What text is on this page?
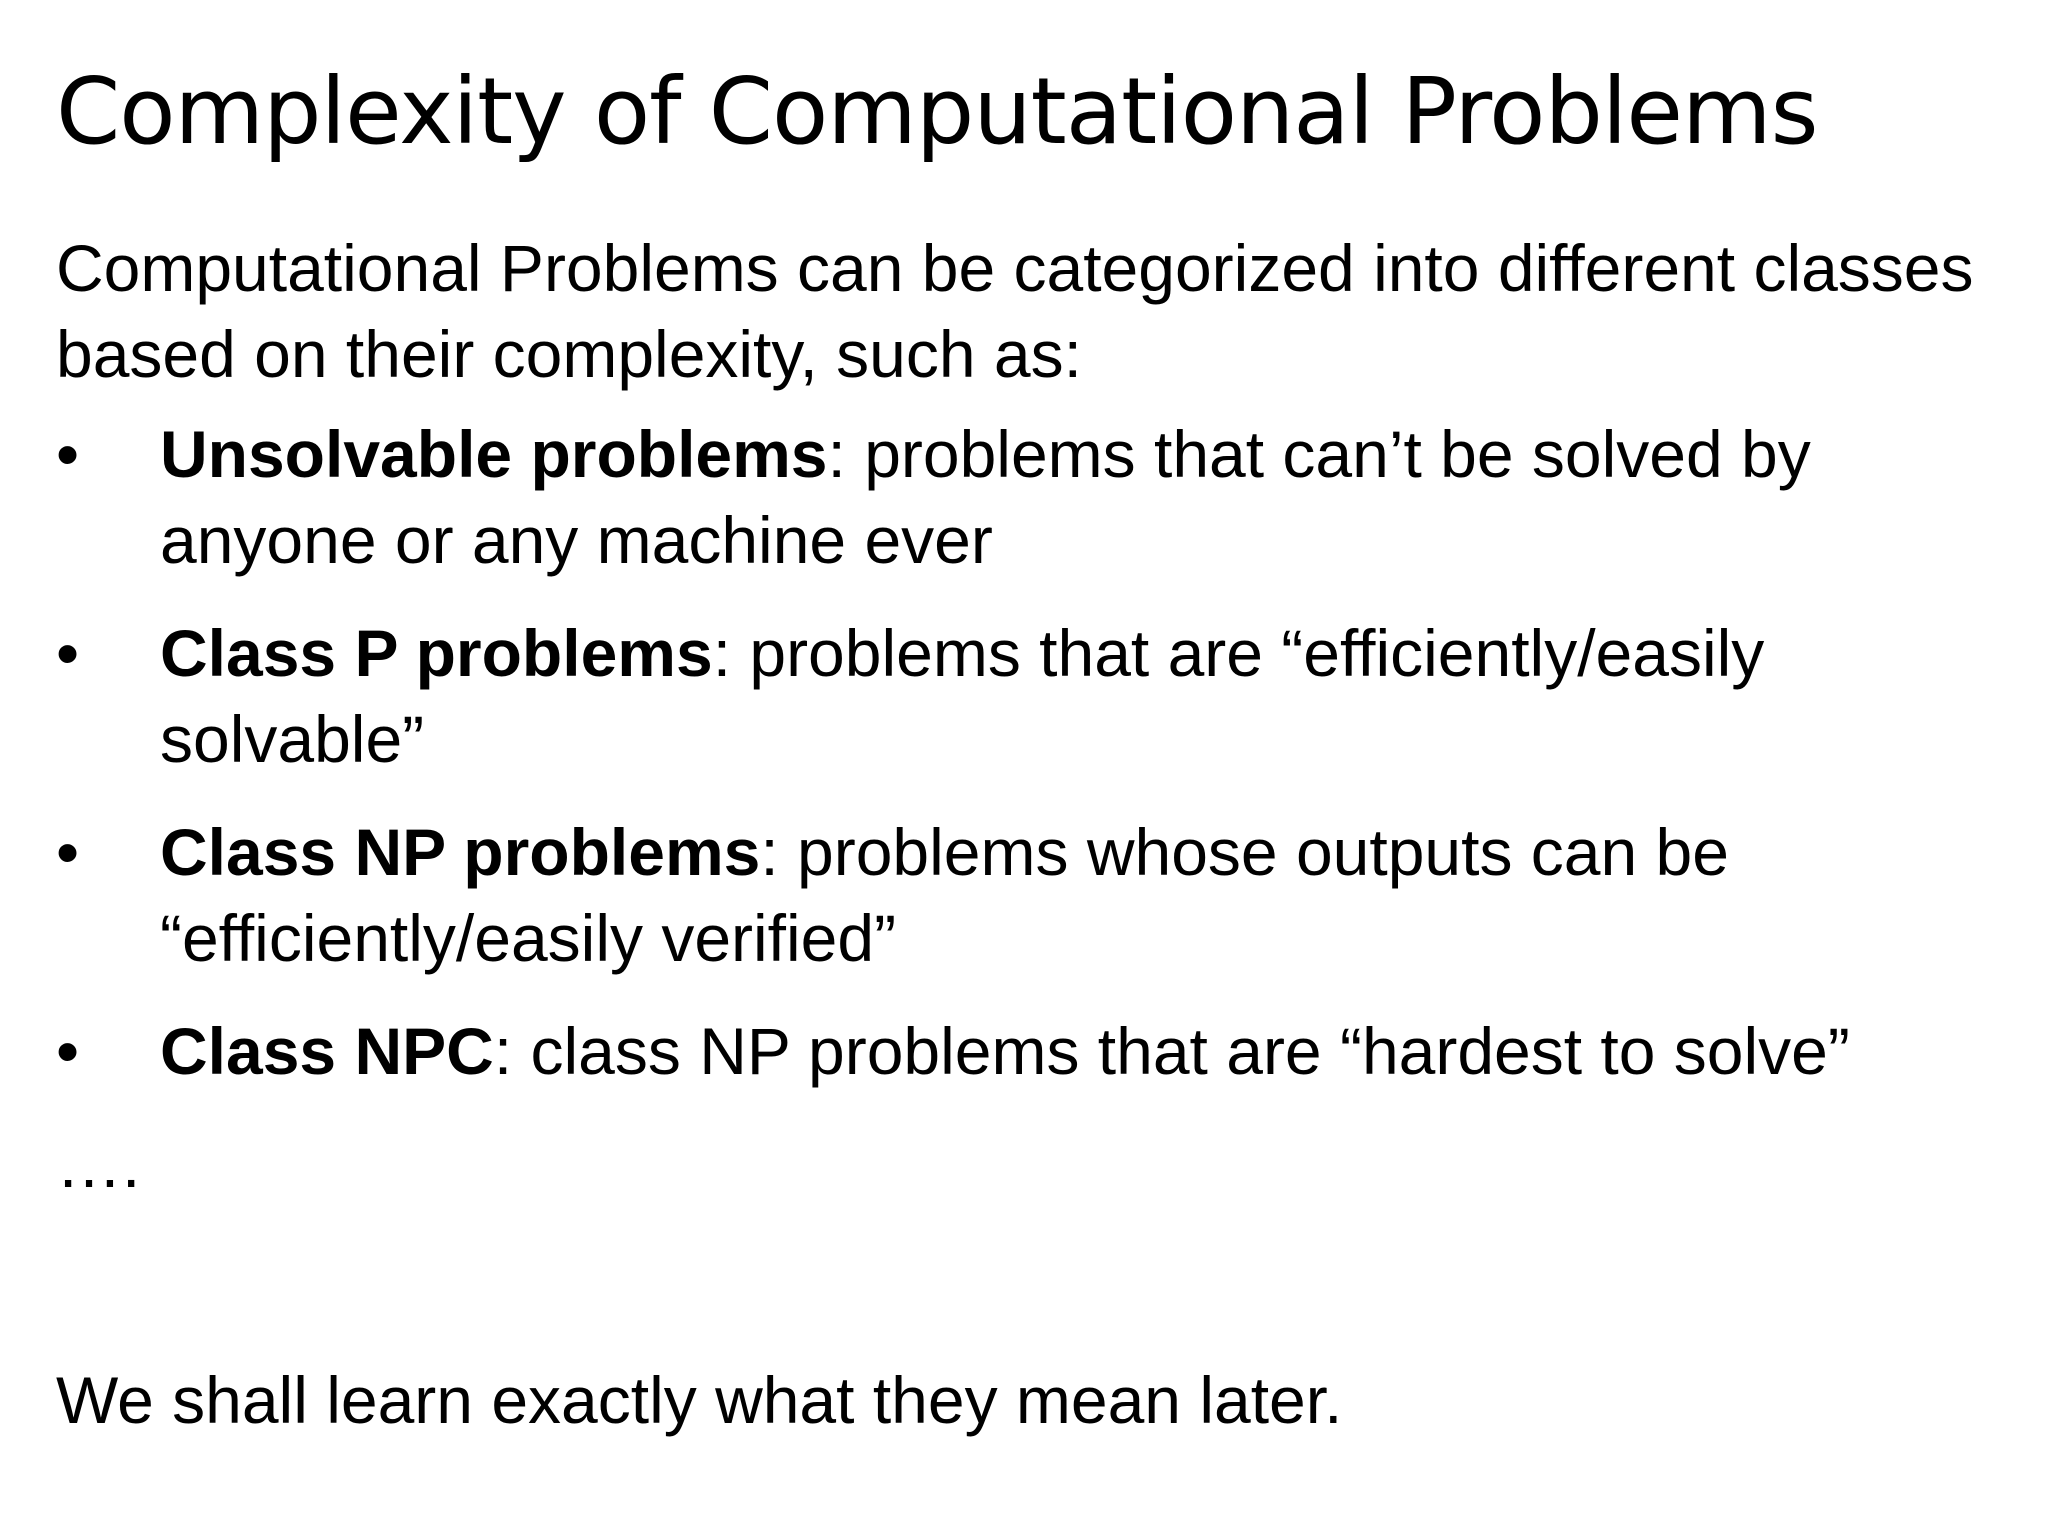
Complexity of Computational Problems

Computational Problems can be categorized into different classes based on their complexity, such as:

•	Unsolvable problems: problems that can’t be solved by anyone or any machine ever
•	Class P problems: problems that are “efficiently/easily solvable”
•	Class NP problems: problems whose outputs can be “efficiently/easily verified”
•	Class NPC: class NP problems that are “hardest to solve”

….

We shall learn exactly what they mean later.
